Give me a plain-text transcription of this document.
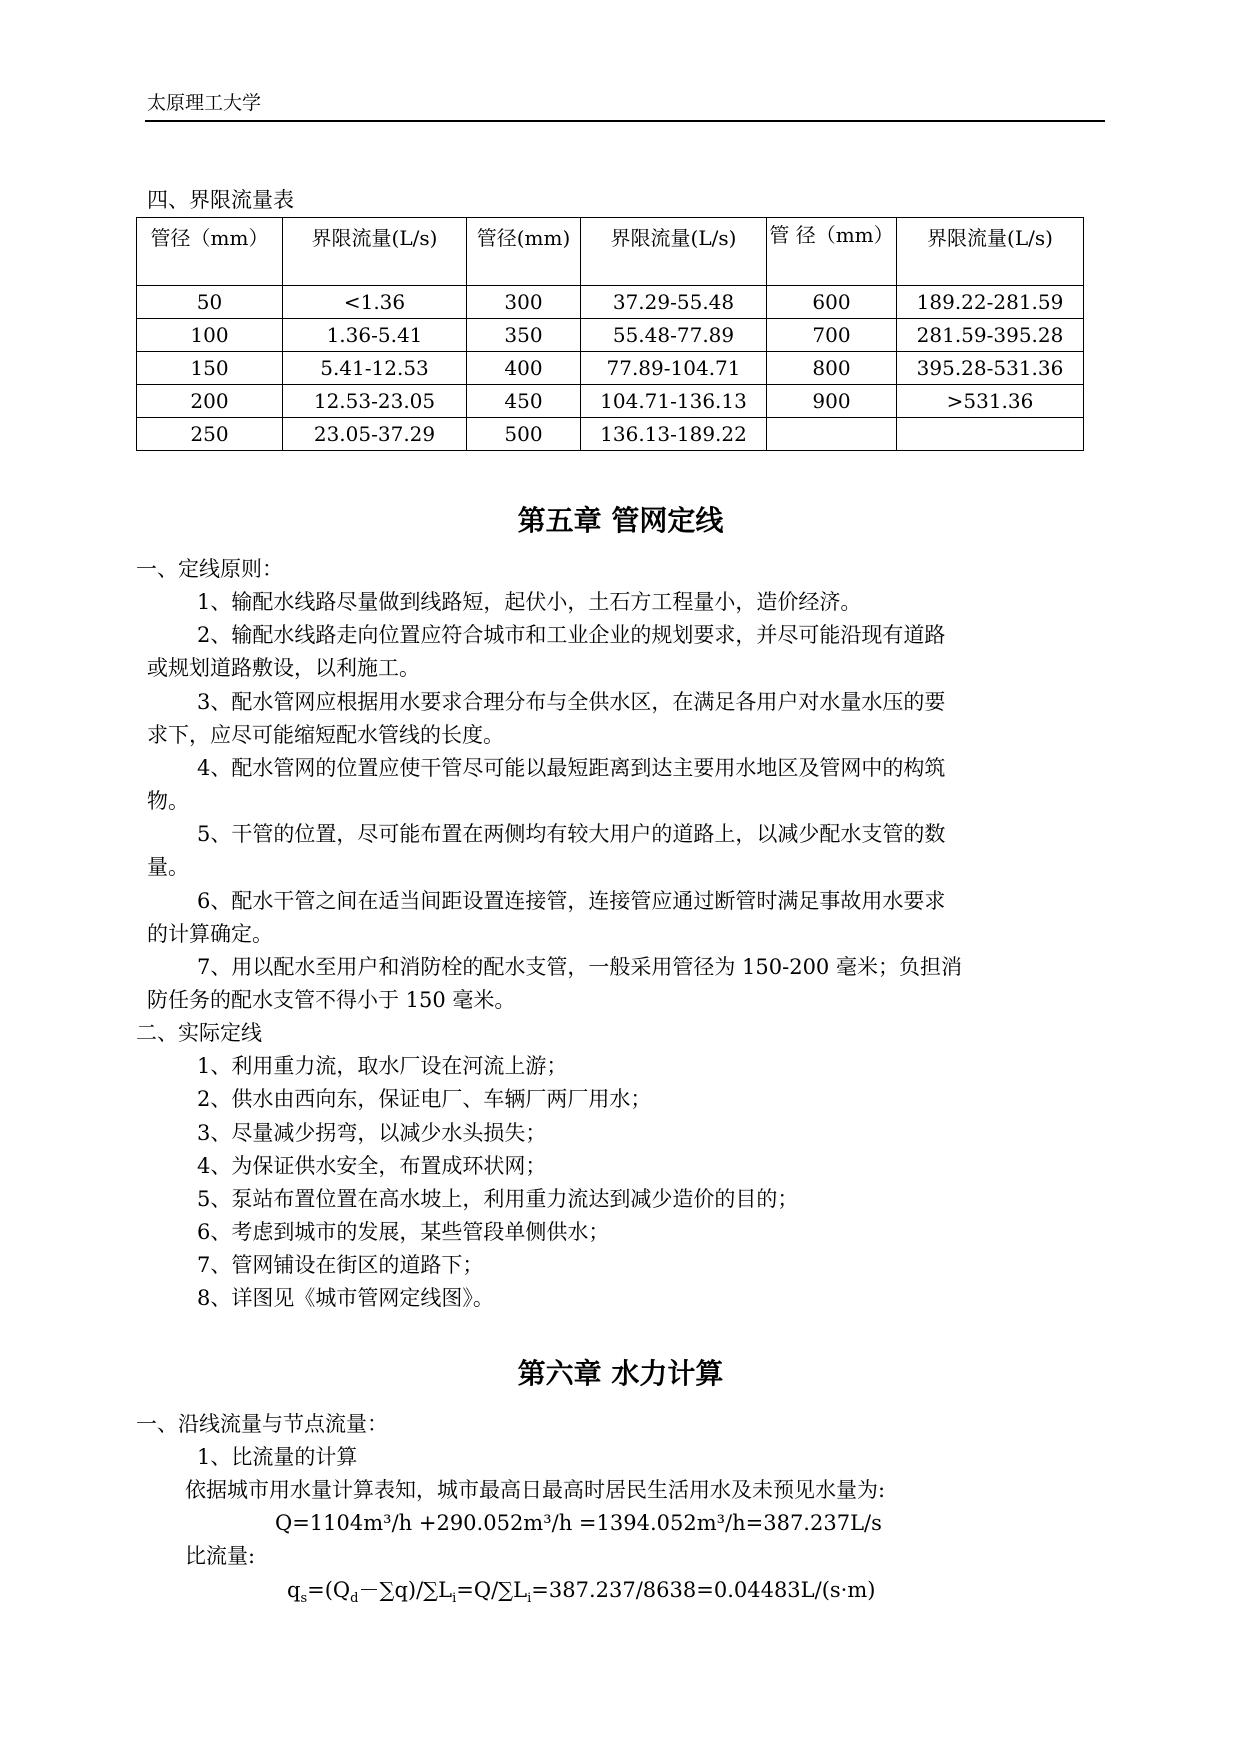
太原理工大学
四、界限流量表
管径（mm）	界限流量(L/s)	管径(mm)	界限流量(L/s)	管 径（mm）	界限流量(L/s)
50	<1.36	300	37.29-55.48	600	189.22-281.59
100	1.36-5.41	350	55.48-77.89	700	281.59-395.28
150	5.41-12.53	400	77.89-104.71	800	395.28-531.36
200	12.53-23.05	450	104.71-136.13	900	>531.36
250	23.05-37.29	500	136.13-189.22		
第五章 管网定线
一、定线原则：
1、输配水线路尽量做到线路短，起伏小，土石方工程量小，造价经济。
2、输配水线路走向位置应符合城市和工业企业的规划要求，并尽可能沿现有道路
或规划道路敷设，以利施工。
3、配水管网应根据用水要求合理分布与全供水区，在满足各用户对水量水压的要
求下，应尽可能缩短配水管线的长度。
4、配水管网的位置应使干管尽可能以最短距离到达主要用水地区及管网中的构筑
物。
5、干管的位置，尽可能布置在两侧均有较大用户的道路上，以减少配水支管的数
量。
6、配水干管之间在适当间距设置连接管，连接管应通过断管时满足事故用水要求
的计算确定。
7、用以配水至用户和消防栓的配水支管，一般采用管径为 150-200 毫米；负担消
防任务的配水支管不得小于 150 毫米。
二、实际定线
1、利用重力流，取水厂设在河流上游；
2、供水由西向东，保证电厂、车辆厂两厂用水；
3、尽量减少拐弯，以减少水头损失；
4、为保证供水安全，布置成环状网；
5、泵站布置位置在高水坡上，利用重力流达到减少造价的目的；
6、考虑到城市的发展，某些管段单侧供水；
7、管网铺设在街区的道路下；
8、详图见《城市管网定线图》。
第六章 水力计算
一、沿线流量与节点流量：
1、比流量的计算
依据城市用水量计算表知，城市最高日最高时居民生活用水及未预见水量为:
Q=1104m³/h +290.052m³/h =1394.052m³/h=387.237L/s
比流量:
$q_s=(Q_d-\sum q)/\sum L_i=Q/\sum L_i=387.237/8638=0.04483L/(s\cdot m)$
